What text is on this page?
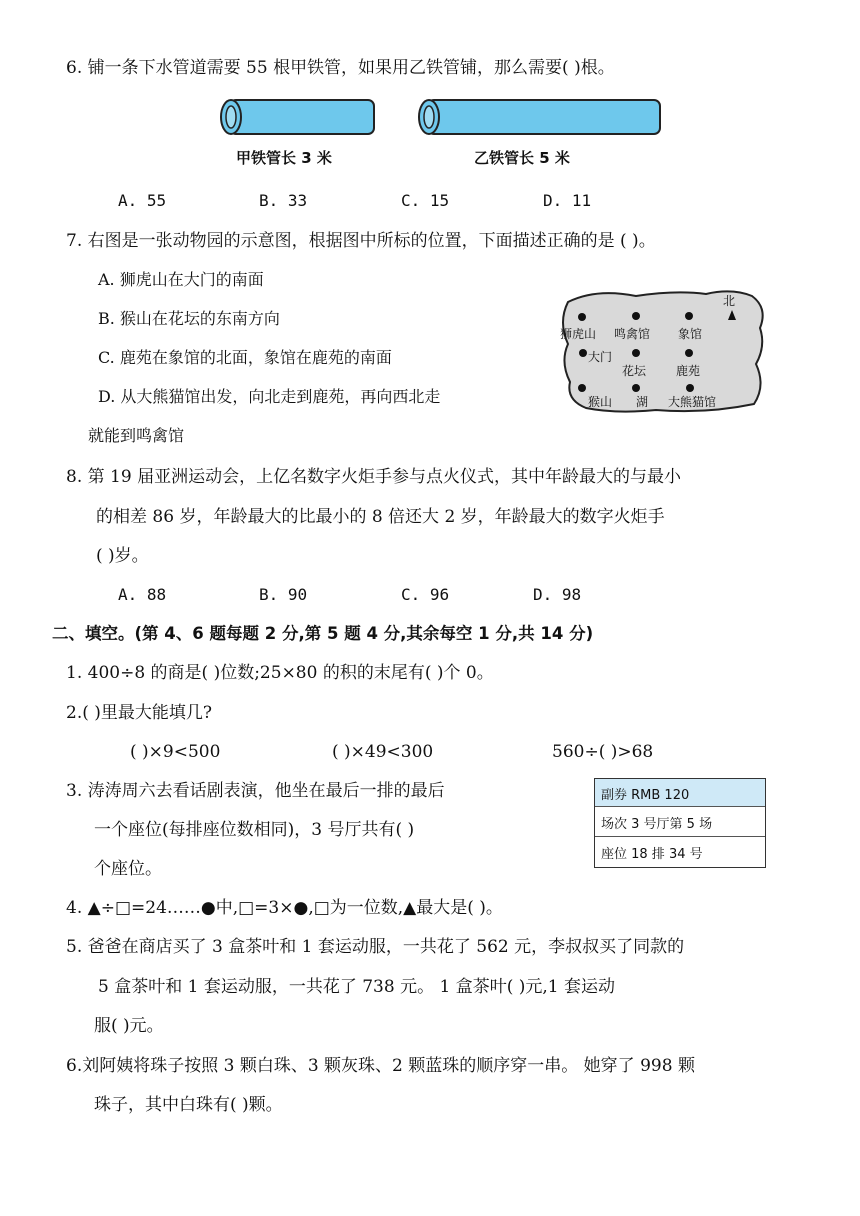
6. 铺一条下水管道需要 55 根甲铁管，如果用乙铁管铺，那么需要( )根。
甲铁管长 3 米	乙铁管长 5 米
A. 55	B. 33	C. 15	D. 11
7. 右图是一张动物园的示意图，根据图中所标的位置，下面描述正确的是 ( )。
A. 狮虎山在大门的南面
B. 猴山在花坛的东南方向
C. 鹿苑在象馆的北面，象馆在鹿苑的南面
D. 从大熊猫馆出发，向北走到鹿苑，再向西北走
就能到鸣禽馆
北
狮虎山 鸣禽馆 象馆
大门
花坛 鹿苑
猴山 湖 大熊猫馆
8. 第 19 届亚洲运动会，上亿名数字火炬手参与点火仪式，其中年龄最大的与最小
的相差 86 岁，年龄最大的比最小的 8 倍还大 2 岁，年龄最大的数字火炬手
( )岁。
A. 88	B. 90	C. 96	D. 98
二、填空。(第 4、6 题每题 2 分,第 5 题 4 分,其余每空 1 分,共 14 分)
1. 400÷8 的商是( )位数;25×80 的积的末尾有( )个 0。
2.( )里最大能填几?
( )×9<500	( )×49<300	560÷( )>68
3. 涛涛周六去看话剧表演，他坐在最后一排的最后
一个座位(每排座位数相同)，3 号厅共有( )
个座位。
副券 RMB 120
场次 3 号厅第 5 场
座位 18 排 34 号
4. ▲÷□=24……●中,□=3×●,□为一位数,▲最大是( )。
5. 爸爸在商店买了 3 盒茶叶和 1 套运动服，一共花了 562 元，李叔叔买了同款的
5 盒茶叶和 1 套运动服，一共花了 738 元。 1 盒茶叶( )元,1 套运动
服( )元。
6.刘阿姨将珠子按照 3 颗白珠、3 颗灰珠、2 颗蓝珠的顺序穿一串。 她穿了 998 颗
珠子，其中白珠有( )颗。
